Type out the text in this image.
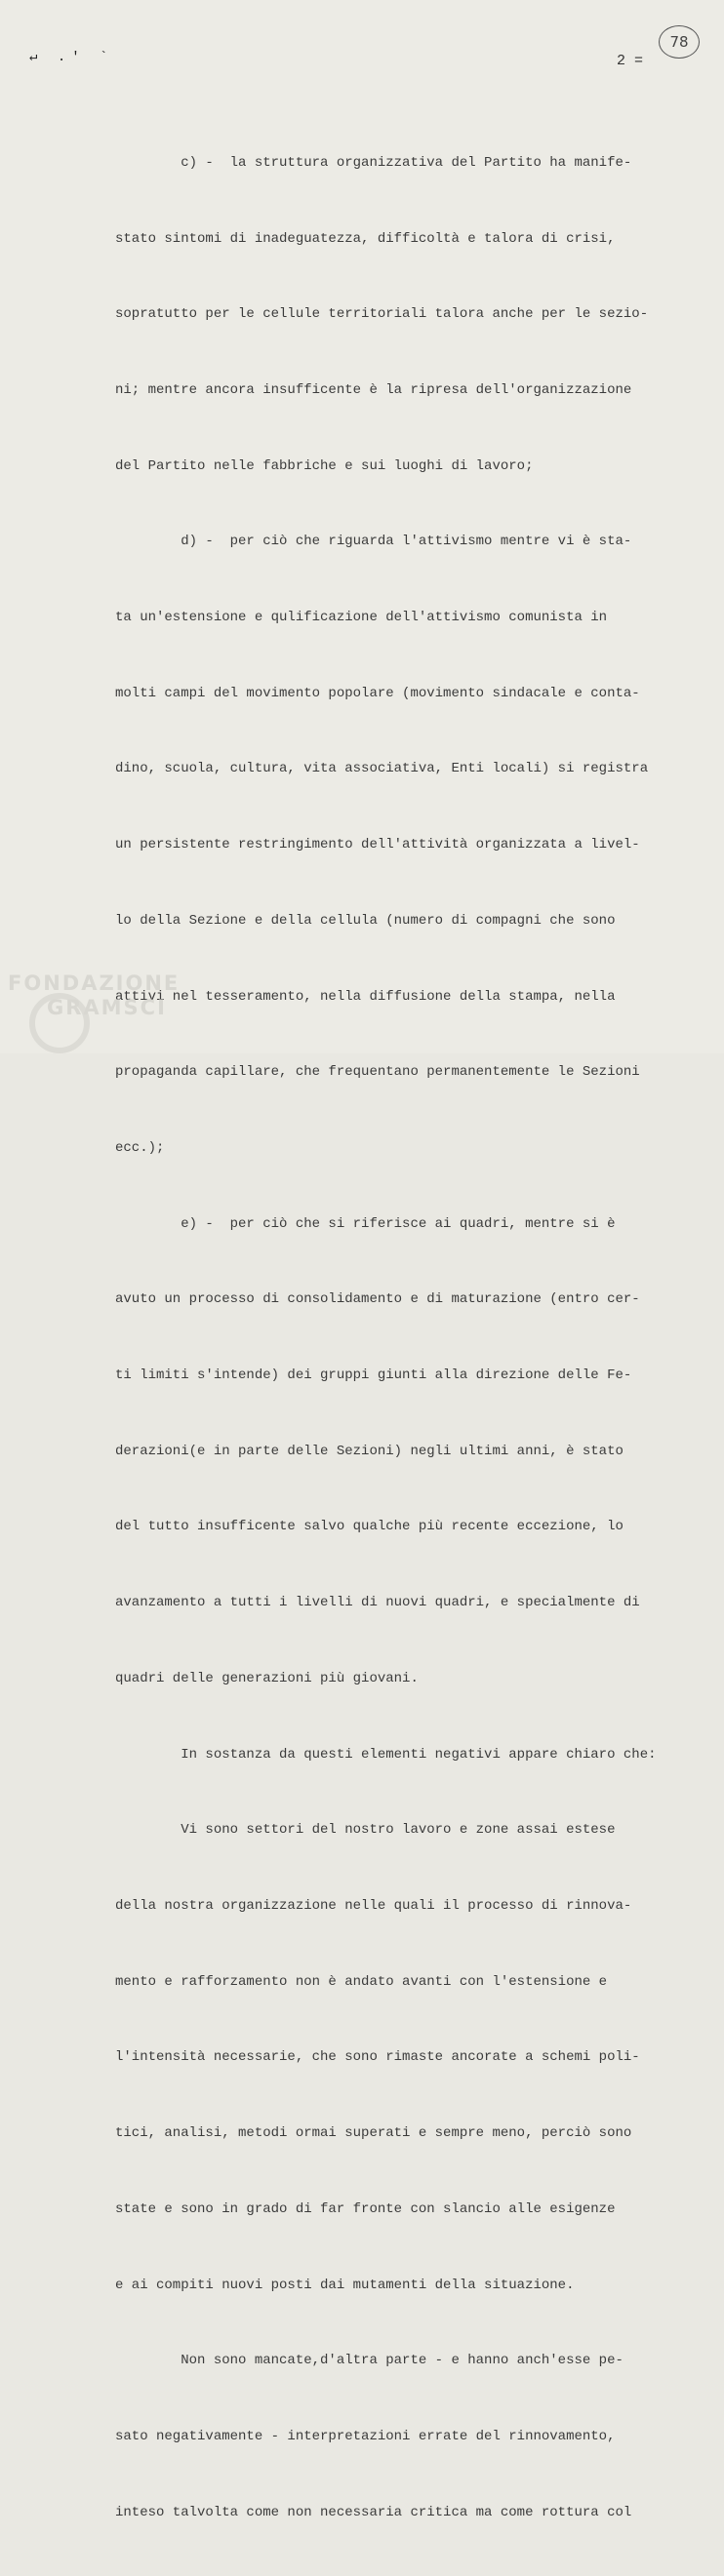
↵ .' `	2 =
78

c) -  la struttura organizzativa del Partito ha manife-

stato sintomi di inadeguatezza, difficoltà e talora di crisi,

sopratutto per le cellule territoriali talora anche per le sezio-

ni; mentre ancora insufficente è la ripresa dell'organizzazione

del Partito nelle fabbriche e sui luoghi di lavoro;

d) -  per ciò che riguarda l'attivismo mentre vi è sta-

ta un'estensione e qulificazione dell'attivismo comunista in

molti campi del movimento popolare (movimento sindacale e conta-

dino, scuola, cultura, vita associativa, Enti locali) si registra

un persistente restringimento dell'attività organizzata a livel-

lo della Sezione e della cellula (numero di compagni che sono

attivi nel tesseramento, nella diffusione della stampa, nella

propaganda capillare, che frequentano permanentemente le Sezioni

ecc.);

e) -  per ciò che si riferisce ai quadri, mentre si è

avuto un processo di consolidamento e di maturazione (entro cer-

ti limiti s'intende) dei gruppi giunti alla direzione delle Fe-

derazioni(e in parte delle Sezioni) negli ultimi anni, è stato

del tutto insufficente salvo qualche più recente eccezione, lo

avanzamento a tutti i livelli di nuovi quadri, e specialmente di

quadri delle generazioni più giovani.

In sostanza da questi elementi negativi appare chiaro che:

Vi sono settori del nostro lavoro e zone assai estese

della nostra organizzazione nelle quali il processo di rinnova-

mento e rafforzamento non è andato avanti con l'estensione e

l'intensità necessarie, che sono rimaste ancorate a schemi poli-

tici, analisi, metodi ormai superati e sempre meno, perciò sono

state e sono in grado di far fronte con slancio alle esigenze

e ai compiti nuovi posti dai mutamenti della situazione.

Non sono mancate,d'altra parte - e hanno anch'esse pe-

sato negativamente - interpretazioni errate del rinnovamento,

inteso talvolta come non necessaria critica ma come rottura col

FONDAZIONE
GRAMSCI
